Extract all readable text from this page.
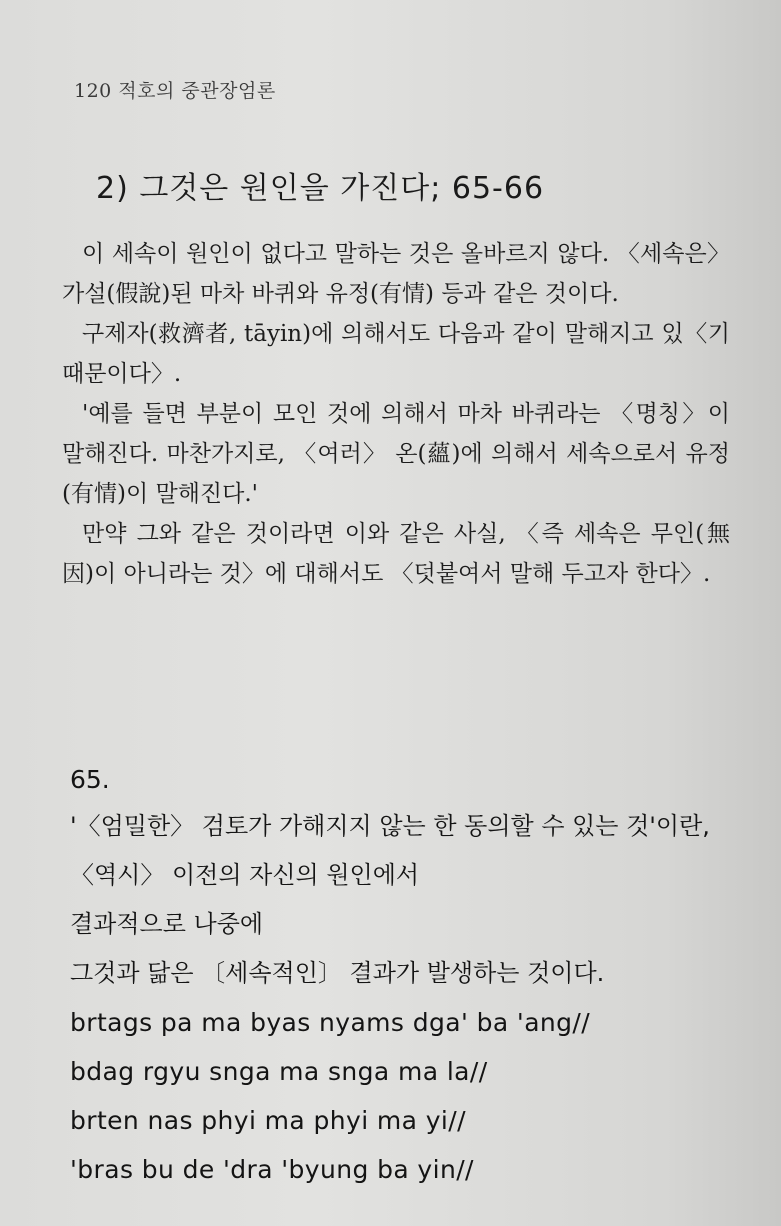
120 적호의 중관장엄론
2) 그것은 원인을 가진다; 65-66

이 세속이 원인이 없다고 말하는 것은 올바르지 않다. 〈세속은〉 가설(假說)된 마차 바퀴와 유정(有情) 등과 같은 것이다.

구제자(救濟者, tāyin)에 의해서도 다음과 같이 말해지고 있〈기 때문이다〉.

'예를 들면 부분이 모인 것에 의해서 마차 바퀴라는 〈명칭〉이 말해진다. 마찬가지로, 〈여러〉 온(蘊)에 의해서 세속으로서 유정(有情)이 말해진다.'

만약 그와 같은 것이라면 이와 같은 사실, 〈즉 세속은 무인(無因)이 아니라는 것〉에 대해서도 〈덧붙여서 말해 두고자 한다〉.

65.
'〈엄밀한〉 검토가 가해지지 않는 한 동의할 수 있는 것'이란,
〈역시〉 이전의 자신의 원인에서
결과적으로 나중에
그것과 닮은 〔세속적인〕 결과가 발생하는 것이다.
brtags pa ma byas nyams dga' ba 'ang//
bdag rgyu snga ma snga ma la//
brten nas phyi ma phyi ma yi//
'bras bu de 'dra 'byung ba yin//
